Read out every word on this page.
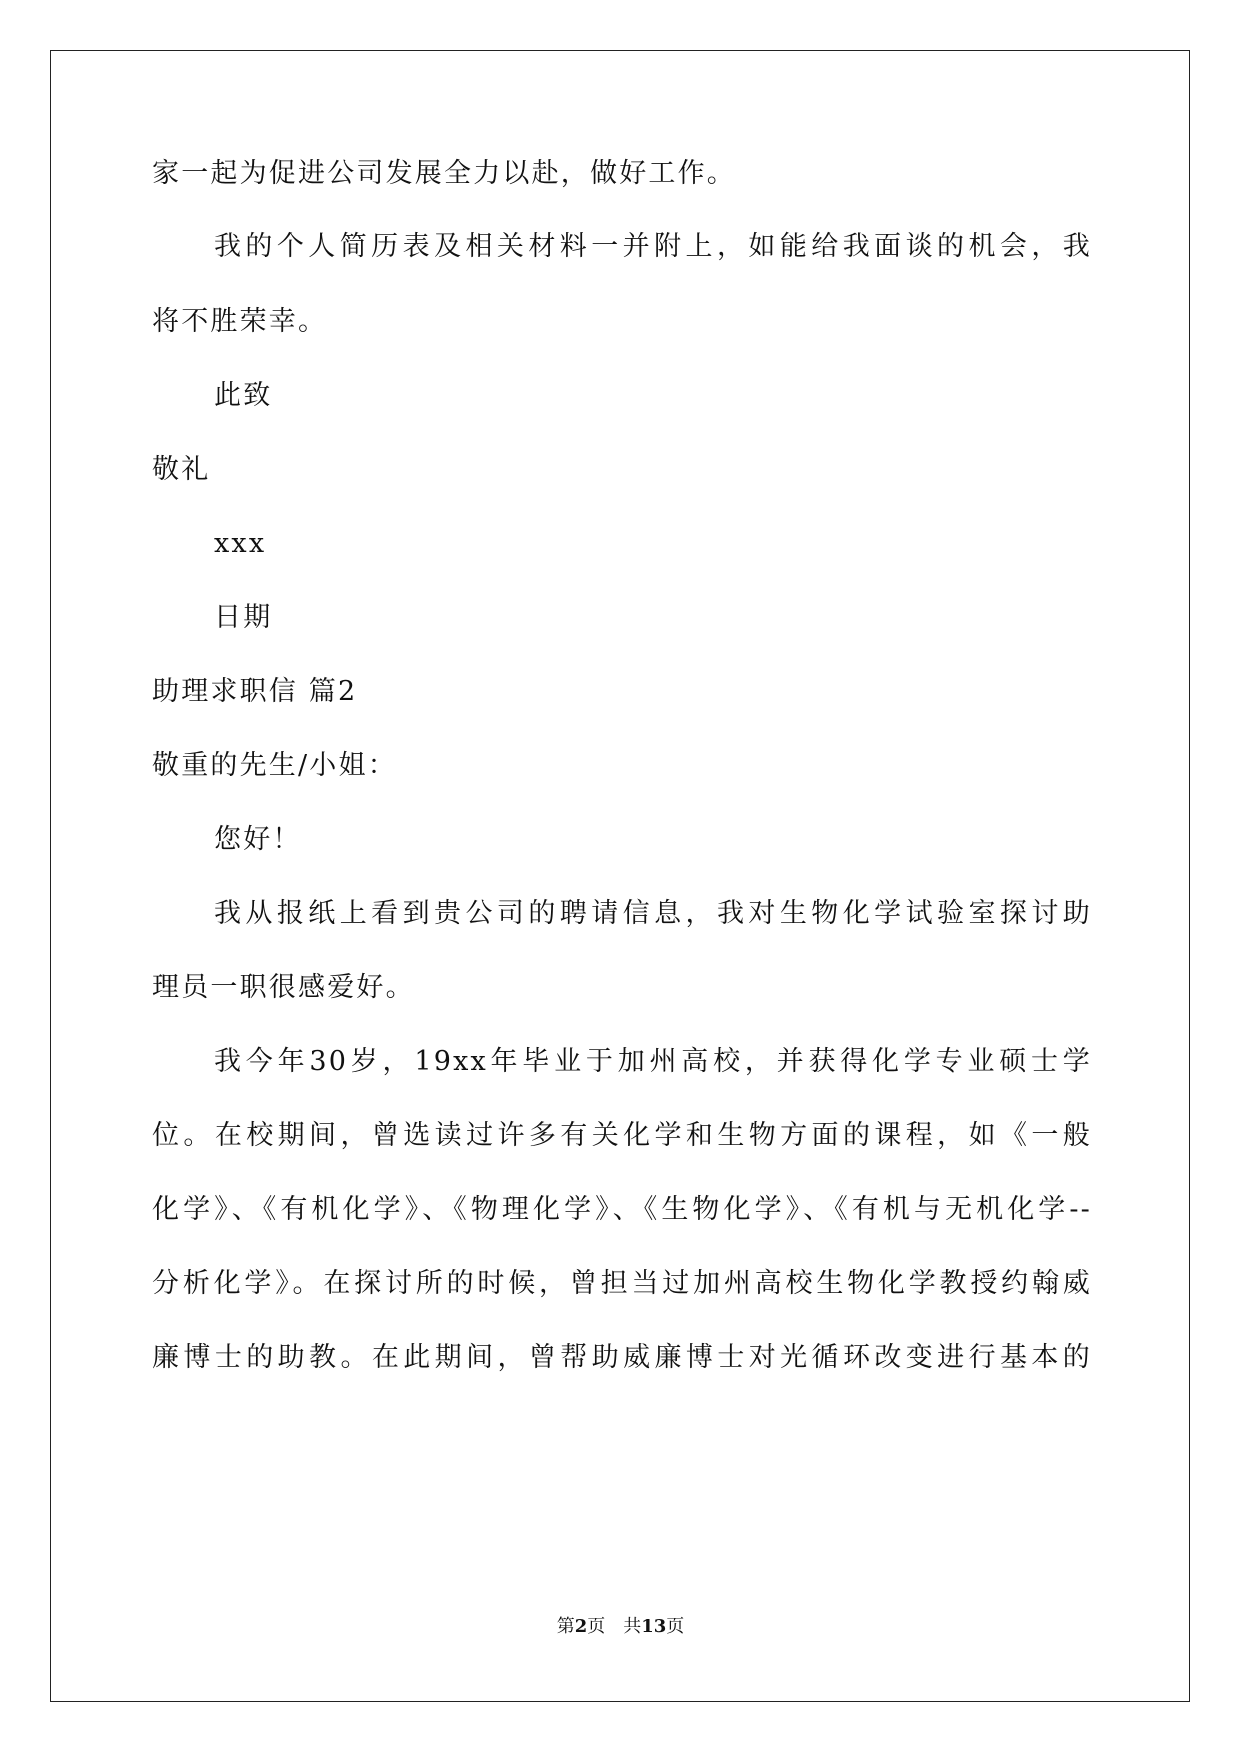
家一起为促进公司发展全力以赴，做好工作。
我的个人简历表及相关材料一并附上，如能给我面谈的机会，我
将不胜荣幸。
此致
敬礼
xxx
日期
助理求职信 篇2
敬重的先生/小姐：
您好！
我从报纸上看到贵公司的聘请信息，我对生物化学试验室探讨助
理员一职很感爱好。
我今年30岁，19xx年毕业于加州高校，并获得化学专业硕士学
位。在校期间，曾选读过许多有关化学和生物方面的课程，如《一般
化学》、《有机化学》、《物理化学》、《生物化学》、《有机与无机化学--
分析化学》。在探讨所的时候，曾担当过加州高校生物化学教授约翰威
廉博士的助教。在此期间，曾帮助威廉博士对光循环改变进行基本的
第2页　共13页
